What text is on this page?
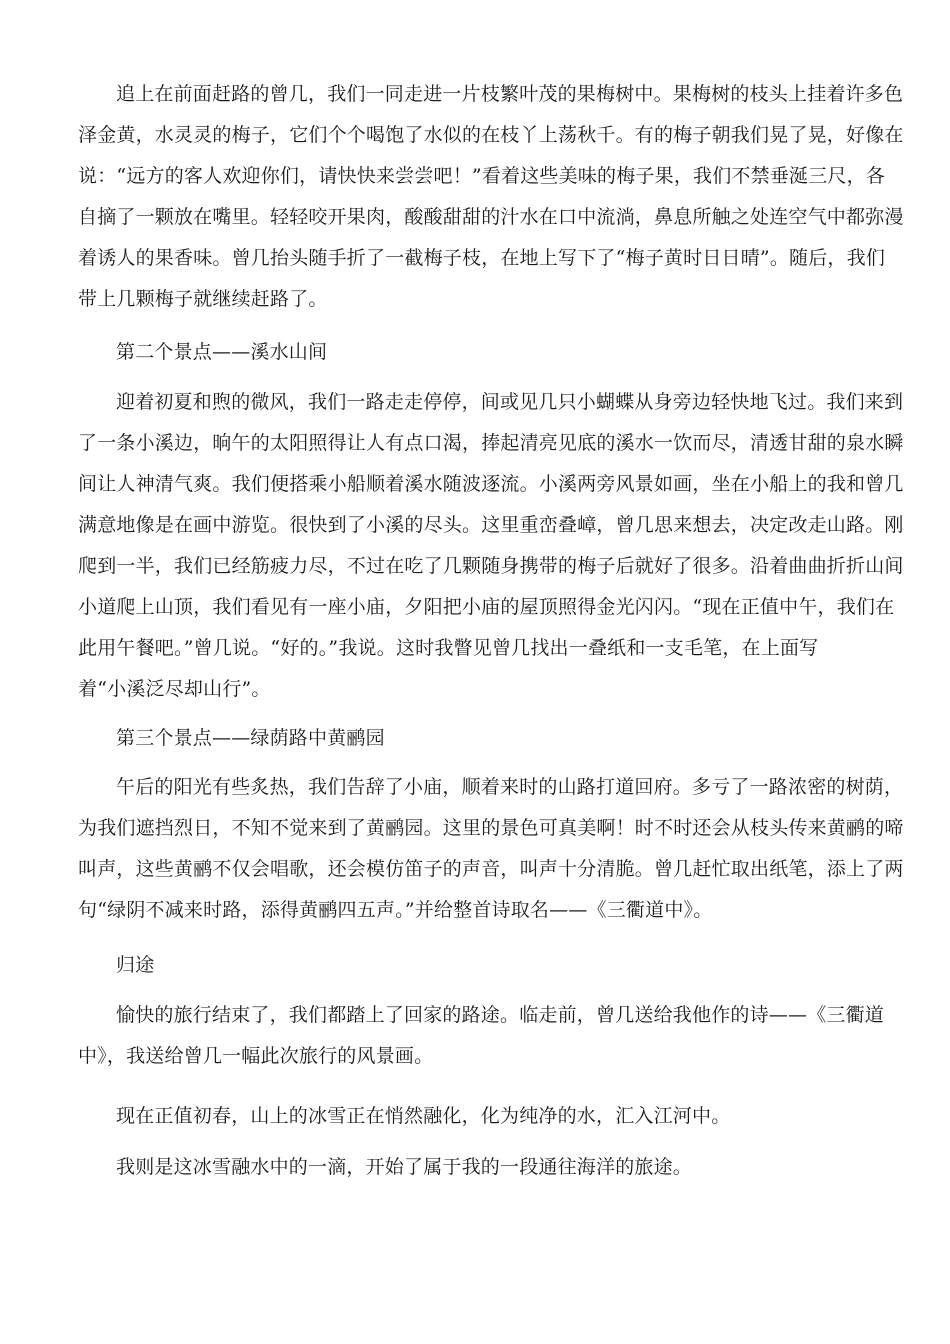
追上在前面赶路的曾几，我们一同走进一片枝繁叶茂的果梅树中。果梅树的枝头上挂着许多色
泽金黄，水灵灵的梅子，它们个个喝饱了水似的在枝丫上荡秋千。有的梅子朝我们晃了晃，好像在
说：“远方的客人欢迎你们，请快快来尝尝吧！”看着这些美味的梅子果，我们不禁垂涎三尺，各
自摘了一颗放在嘴里。轻轻咬开果肉，酸酸甜甜的汁水在口中流淌，鼻息所触之处连空气中都弥漫
着诱人的果香味。曾几抬头随手折了一截梅子枝，在地上写下了“梅子黄时日日晴”。随后，我们
带上几颗梅子就继续赶路了。
第二个景点——溪水山间
迎着初夏和煦的微风，我们一路走走停停，间或见几只小蝴蝶从身旁边轻快地飞过。我们来到
了一条小溪边，晌午的太阳照得让人有点口渴，捧起清亮见底的溪水一饮而尽，清透甘甜的泉水瞬
间让人神清气爽。我们便搭乘小船顺着溪水随波逐流。小溪两旁风景如画，坐在小船上的我和曾几
满意地像是在画中游览。很快到了小溪的尽头。这里重峦叠嶂，曾几思来想去，决定改走山路。刚
爬到一半，我们已经筋疲力尽，不过在吃了几颗随身携带的梅子后就好了很多。沿着曲曲折折山间
小道爬上山顶，我们看见有一座小庙，夕阳把小庙的屋顶照得金光闪闪。“现在正值中午，我们在
此用午餐吧。”曾几说。“好的。”我说。这时我瞥见曾几找出一叠纸和一支毛笔，在上面写
着“小溪泛尽却山行”。
第三个景点——绿荫路中黄鹂园
午后的阳光有些炙热，我们告辞了小庙，顺着来时的山路打道回府。多亏了一路浓密的树荫，
为我们遮挡烈日，不知不觉来到了黄鹂园。这里的景色可真美啊！时不时还会从枝头传来黄鹂的啼
叫声，这些黄鹂不仅会唱歌，还会模仿笛子的声音，叫声十分清脆。曾几赶忙取出纸笔，添上了两
句“绿阴不减来时路，添得黄鹂四五声。”并给整首诗取名——《三衢道中》。
归途
愉快的旅行结束了，我们都踏上了回家的路途。临走前，曾几送给我他作的诗——《三衢道
中》，我送给曾几一幅此次旅行的风景画。
现在正值初春，山上的冰雪正在悄然融化，化为纯净的水，汇入江河中。
我则是这冰雪融水中的一滴，开始了属于我的一段通往海洋的旅途。
